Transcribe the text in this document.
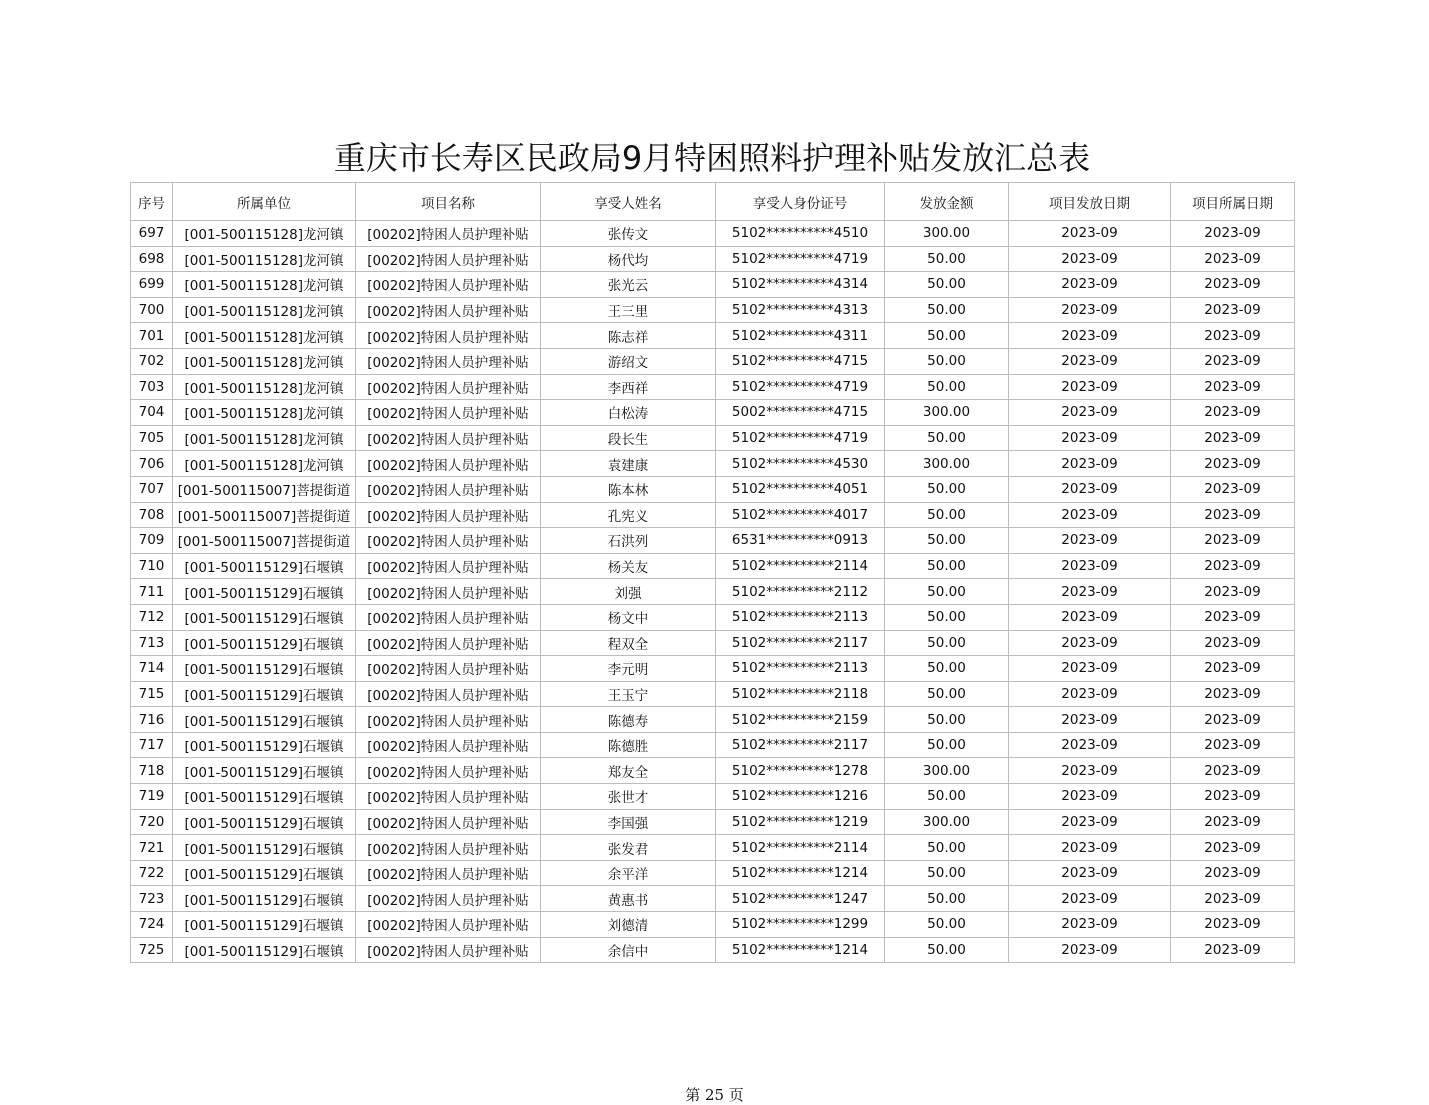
重庆市长寿区民政局9月特困照料护理补贴发放汇总表
序号	所属单位	项目名称	享受人姓名	享受人身份证号	发放金额	项目发放日期	项目所属日期
697	[001-500115128]龙河镇	[00202]特困人员护理补贴	张传文	5102**********4510	300.00	2023-09	2023-09
698	[001-500115128]龙河镇	[00202]特困人员护理补贴	杨代均	5102**********4719	50.00	2023-09	2023-09
699	[001-500115128]龙河镇	[00202]特困人员护理补贴	张光云	5102**********4314	50.00	2023-09	2023-09
700	[001-500115128]龙河镇	[00202]特困人员护理补贴	王三里	5102**********4313	50.00	2023-09	2023-09
701	[001-500115128]龙河镇	[00202]特困人员护理补贴	陈志祥	5102**********4311	50.00	2023-09	2023-09
702	[001-500115128]龙河镇	[00202]特困人员护理补贴	游绍文	5102**********4715	50.00	2023-09	2023-09
703	[001-500115128]龙河镇	[00202]特困人员护理补贴	李西祥	5102**********4719	50.00	2023-09	2023-09
704	[001-500115128]龙河镇	[00202]特困人员护理补贴	白松涛	5002**********4715	300.00	2023-09	2023-09
705	[001-500115128]龙河镇	[00202]特困人员护理补贴	段长生	5102**********4719	50.00	2023-09	2023-09
706	[001-500115128]龙河镇	[00202]特困人员护理补贴	袁建康	5102**********4530	300.00	2023-09	2023-09
707	[001-500115007]菩提街道	[00202]特困人员护理补贴	陈本林	5102**********4051	50.00	2023-09	2023-09
708	[001-500115007]菩提街道	[00202]特困人员护理补贴	孔宪义	5102**********4017	50.00	2023-09	2023-09
709	[001-500115007]菩提街道	[00202]特困人员护理补贴	石洪列	6531**********0913	50.00	2023-09	2023-09
710	[001-500115129]石堰镇	[00202]特困人员护理补贴	杨关友	5102**********2114	50.00	2023-09	2023-09
711	[001-500115129]石堰镇	[00202]特困人员护理补贴	刘强	5102**********2112	50.00	2023-09	2023-09
712	[001-500115129]石堰镇	[00202]特困人员护理补贴	杨文中	5102**********2113	50.00	2023-09	2023-09
713	[001-500115129]石堰镇	[00202]特困人员护理补贴	程双全	5102**********2117	50.00	2023-09	2023-09
714	[001-500115129]石堰镇	[00202]特困人员护理补贴	李元明	5102**********2113	50.00	2023-09	2023-09
715	[001-500115129]石堰镇	[00202]特困人员护理补贴	王玉宁	5102**********2118	50.00	2023-09	2023-09
716	[001-500115129]石堰镇	[00202]特困人员护理补贴	陈德寿	5102**********2159	50.00	2023-09	2023-09
717	[001-500115129]石堰镇	[00202]特困人员护理补贴	陈德胜	5102**********2117	50.00	2023-09	2023-09
718	[001-500115129]石堰镇	[00202]特困人员护理补贴	郑友全	5102**********1278	300.00	2023-09	2023-09
719	[001-500115129]石堰镇	[00202]特困人员护理补贴	张世才	5102**********1216	50.00	2023-09	2023-09
720	[001-500115129]石堰镇	[00202]特困人员护理补贴	李国强	5102**********1219	300.00	2023-09	2023-09
721	[001-500115129]石堰镇	[00202]特困人员护理补贴	张发君	5102**********2114	50.00	2023-09	2023-09
722	[001-500115129]石堰镇	[00202]特困人员护理补贴	余平洋	5102**********1214	50.00	2023-09	2023-09
723	[001-500115129]石堰镇	[00202]特困人员护理补贴	黄惠书	5102**********1247	50.00	2023-09	2023-09
724	[001-500115129]石堰镇	[00202]特困人员护理补贴	刘德清	5102**********1299	50.00	2023-09	2023-09
725	[001-500115129]石堰镇	[00202]特困人员护理补贴	余信中	5102**********1214	50.00	2023-09	2023-09
第 25 页
